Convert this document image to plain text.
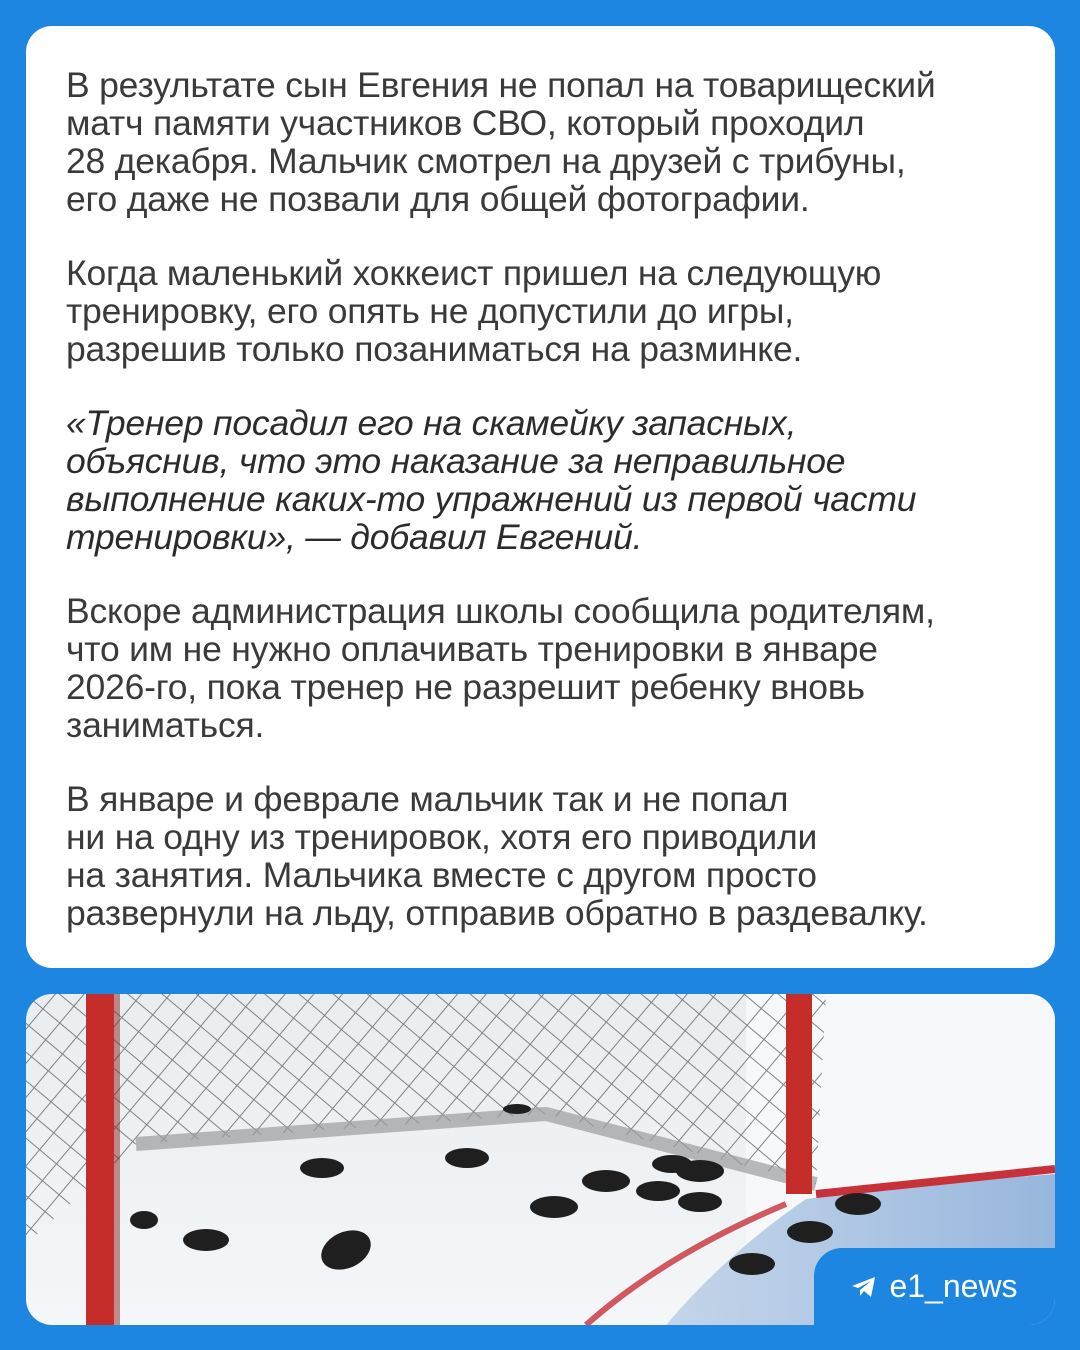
В результате сын Евгения не попал на товарищеский
матч памяти участников СВО, который проходил
28 декабря. Мальчик смотрел на друзей с трибуны,
его даже не позвали для общей фотографии.

Когда маленький хоккеист пришел на следующую
тренировку, его опять не допустили до игры,
разрешив только позаниматься на разминке.

«Тренер посадил его на скамейку запасных,
объяснив, что это наказание за неправильное
выполнение каких-то упражнений из первой части
тренировки», — добавил Евгений.

Вскоре администрация школы сообщила родителям,
что им не нужно оплачивать тренировки в январе
2026-го, пока тренер не разрешит ребенку вновь
заниматься.

В январе и феврале мальчик так и не попал
ни на одну из тренировок, хотя его приводили
на занятия. Мальчика вместе с другом просто
развернули на льду, отправив обратно в раздевалку.

e1_news
